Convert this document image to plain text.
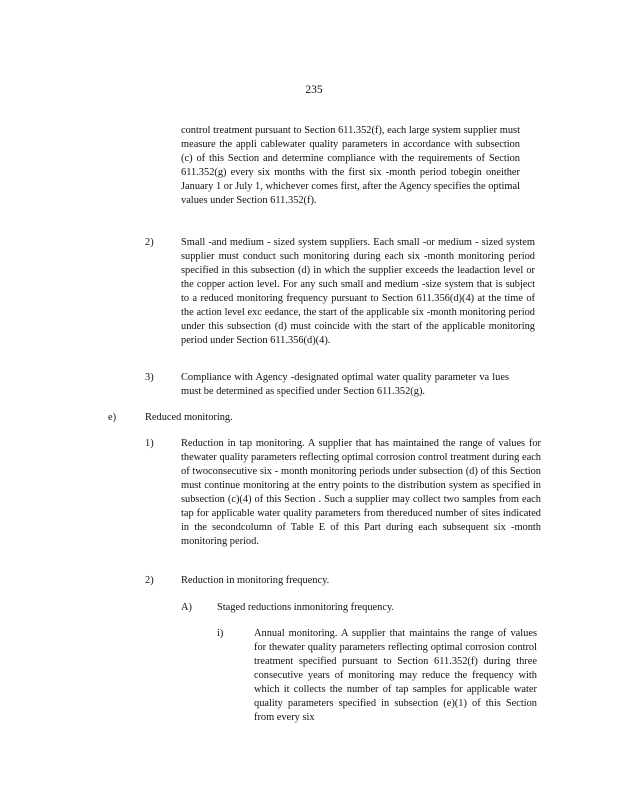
235

control treatment pursuant to Section 611.352(f), each large system supplier must measure the appli cablewater quality parameters in accordance with subsection (c) of this Section and determine compliance with the requirements of Section 611.352(g) every six months with the first six -month period tobegin oneither January 1 or July 1, whichever comes first, after the Agency specifies the optimal values under Section 611.352(f).

2)	Small -and medium - sized system suppliers. Each small -or medium - sized system supplier must conduct such monitoring during each six -month monitoring period specified in this subsection (d) in which the supplier exceeds the leadaction level or the copper action level. For any such small and medium -size system that is subject to a reduced monitoring frequency pursuant to Section 611.356(d)(4) at the time of the action level exc eedance, the start of the applicable six -month monitoring period under this subsection (d) must coincide with the start of the applicable monitoring period under Section 611.356(d)(4).

3)	Compliance with Agency -designated optimal water quality parameter va lues must be determined as specified under Section 611.352(g).

e)	Reduced monitoring.
1)	Reduction in tap monitoring. A supplier that has maintained the range of values for thewater quality parameters reflecting optimal corrosion control treatment during each of twoconsecutive six - month monitoring periods under subsection (d) of this Section must continue monitoring at the entry points to the distribution system as specified in subsection (c)(4) of this Section . Such a supplier may collect two samples from each tap for applicable water quality parameters from thereduced number of sites indicated in the secondcolumn of Table E of this Part during each subsequent six -month monitoring period.

2)	Reduction in monitoring frequency.
A) Staged reductions inmonitoring frequency.
i)	Annual monitoring. A supplier that maintains the range of values for thewater quality parameters reflecting optimal corrosion control treatment specified pursuant to Section 611.352(f) during three consecutive years of monitoring may reduce the frequency with which it collects the number of tap samples for applicable water quality parameters specified in subsection (e)(1) of this Section from every six
